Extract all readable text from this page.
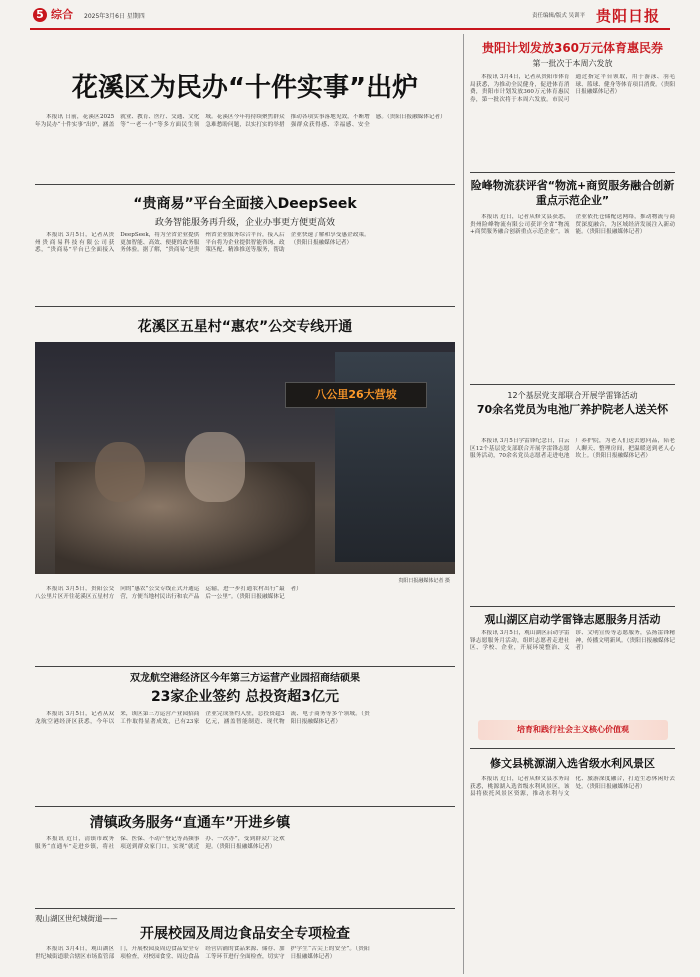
5 综合 2025年3月6日 星期四	责任编辑/版式 吴训平 贵阳日报
花溪区为民办“十件实事”出炉

本报讯 日前，花溪区2025年为民办“十件实事”出炉，涵盖就业、教育、医疗、交通、文化等“一老一小”等多方面民生领域。花溪区今年将持续聚焦群众急难愁盼问题，以实打实的举措推动各项实事落地见效，不断增强群众获得感、幸福感、安全感。（贵阳日报融媒体记者）

“贵商易”平台全面接入DeepSeek
政务智能服务再升级，企业办事更方便更高效

本报讯 3月5日，记者从贵州贵商易科技有限公司获悉，“贵商易”平台已全面接入DeepSeek，将为全省企业提供更加智能、高效、便捷的政务服务体验。据了解，“贵商易”是贵州省企业服务综合平台，接入后平台将为企业提供智能咨询、政策匹配、精准推送等服务，帮助企业快速了解和享受惠企政策。（贵阳日报融媒体记者）

花溪区五星村“惠农”公交专线开通
八公里26大营坡
贵阳日报融媒体记者 摄

本报讯 3月5日，贵阳公交八公里片区开往花溪区五星村方向的“惠农”公交专线正式开通运营，方便当地村民出行和农产品运输，进一步打通农村出行“最后一公里”。（贵阳日报融媒体记者）

双龙航空港经济区今年第三方运营产业园招商结硕果
23家企业签约 总投资超3亿元

本报讯 3月5日，记者从双龙航空港经济区获悉，今年以来，该区第三方运营产业园招商工作取得显著成效，已有23家企业完成签约入驻，总投资超3亿元，涵盖智能制造、现代物流、电子商务等多个领域。（贵阳日报融媒体记者）

清镇政务服务“直通车”开进乡镇

本报讯 近日，清镇市政务服务“直通车”走进乡镇，将社保、医保、不动产登记等高频事项送到群众家门口，实现“就近办、一次办”，受到群众广泛欢迎。（贵阳日报融媒体记者）

观山湖区世纪城街道——
开展校园及周边食品安全专项检查

本报讯 3月4日，观山湖区世纪城街道联合辖区市场监管部门，开展校园及周边食品安全专项检查，对校园食堂、周边食品经营店铺的食品来源、储存、加工等环节进行全面检查，切实守护学生“舌尖上的安全”。（贵阳日报融媒体记者）

贵阳计划发放360万元体育惠民券
第一批次于本周六发放

本报讯 3月4日，记者从贵阳市体育局获悉，为推动全民健身，促进体育消费，贵阳市计划发放360万元体育惠民券，第一批次将于本周六发放。市民可通过指定平台领取，用于游泳、羽毛球、篮球、健身等体育项目消费。（贵阳日报融媒体记者）

险峰物流获评省“物流+商贸服务融合创新重点示范企业”

本报讯 近日，记者从修文县获悉，贵州险峰物流有限公司获评全省“物流+商贸服务融合创新重点示范企业”。该企业依托仓储配送网络，推动物流与商贸深度融合，为区域经济发展注入新动能。（贵阳日报融媒体记者）

12个基层党支部联合开展学雷锋活动
70余名党员为电池厂养护院老人送关怀

本报讯 3月5日学雷锋纪念日，白云区12个基层党支部联合开展学雷锋志愿服务活动，70余名党员志愿者走进电池厂养护院，为老人们送去慰问品，陪老人聊天、整理房间，把温暖送到老人心坎上。（贵阳日报融媒体记者）

观山湖区启动学雷锋志愿服务月活动

本报讯 3月5日，观山湖区启动学雷锋志愿服务月活动，组织志愿者走进社区、学校、企业，开展环境整治、义诊、文明宣传等志愿服务，弘扬雷锋精神，传播文明新风。（贵阳日报融媒体记者）

培育和践行社会主义核心价值观
修文县桃源湖入选省级水利风景区

本报讯 近日，记者从修文县水务局获悉，桃源湖入选省级水利风景区，该县将依托风景区资源，推动水利与文化、旅游深度融合，打造生态休闲好去处。（贵阳日报融媒体记者）
